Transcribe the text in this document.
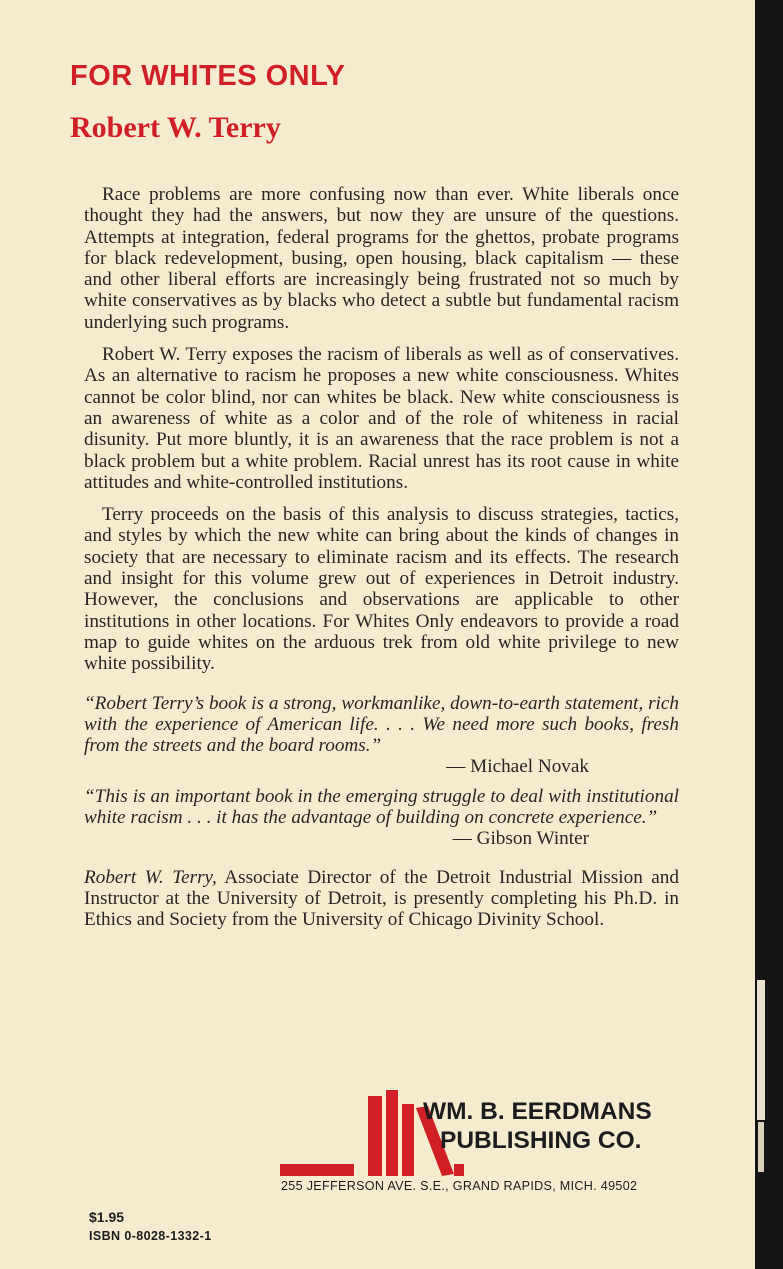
FOR WHITES ONLY
Robert W. Terry

Race problems are more confusing now than ever. White liberals once thought they had the answers, but now they are unsure of the questions. Attempts at integration, federal programs for the ghettos, probate programs for black redevelopment, busing, open housing, black capitalism — these and other liberal efforts are increasingly being frustrated not so much by white conservatives as by blacks who detect a subtle but fundamental racism underlying such programs.

Robert W. Terry exposes the racism of liberals as well as of conservatives. As an alternative to racism he proposes a new white consciousness. Whites cannot be color blind, nor can whites be black. New white consciousness is an awareness of white as a color and of the role of whiteness in racial disunity. Put more bluntly, it is an awareness that the race problem is not a black problem but a white problem. Racial unrest has its root cause in white attitudes and white-controlled institutions.

Terry proceeds on the basis of this analysis to discuss strategies, tactics, and styles by which the new white can bring about the kinds of changes in society that are necessary to eliminate racism and its effects. The research and insight for this volume grew out of experiences in Detroit industry. However, the conclusions and observations are applicable to other institutions in other locations. For Whites Only endeavors to provide a road map to guide whites on the arduous trek from old white privilege to new white possibility.

“Robert Terry’s book is a strong, workmanlike, down-to-earth statement, rich with the experience of American life. . . . We need more such books, fresh from the streets and the board rooms.”
— Michael Novak
“This is an important book in the emerging struggle to deal with institutional white racism . . . it has the advantage of building on concrete experience.”
— Gibson Winter
Robert W. Terry, Associate Director of the Detroit Industrial Mission and Instructor at the University of Detroit, is presently completing his Ph.D. in Ethics and Society from the University of Chicago Divinity School.
WM. B. EERDMANS
PUBLISHING CO.
255 JEFFERSON AVE. S.E., GRAND RAPIDS, MICH. 49502
$1.95
ISBN 0-8028-1332-1
